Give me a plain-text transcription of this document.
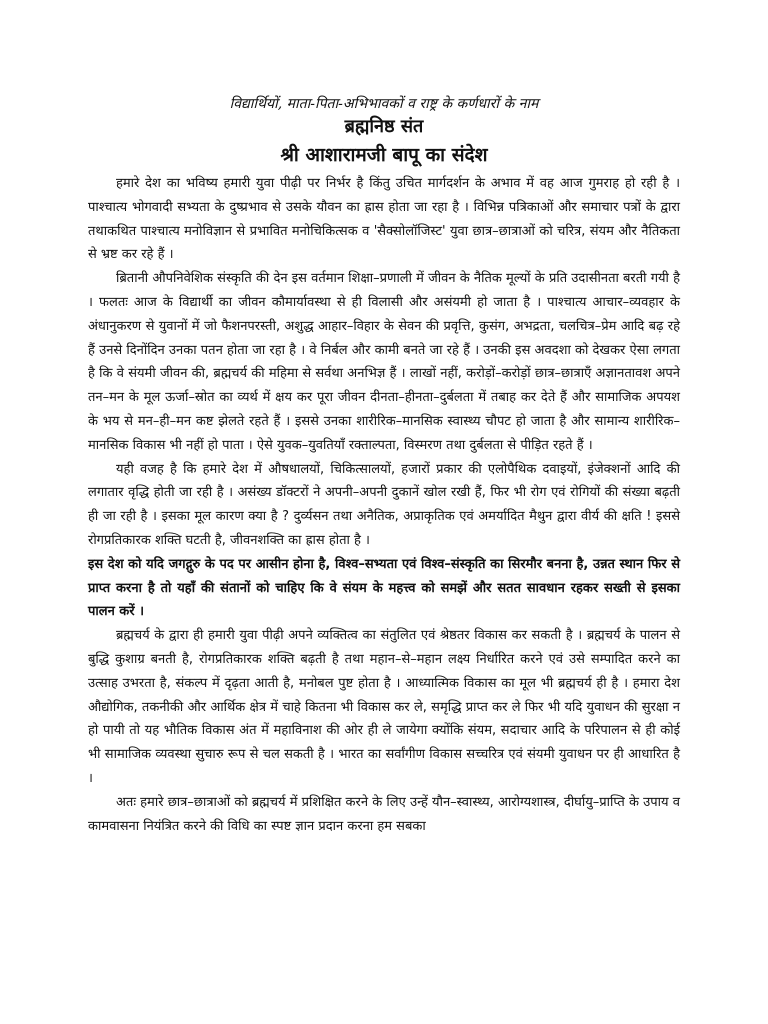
विद्यार्थियों, माता-पिता-अभिभावकों व राष्ट्र के कर्णधारों के नाम

ब्रह्मनिष्ठ संत
श्री आशारामजी बापू का संदेश

हमारे देश का भविष्य हमारी युवा पीढ़ी पर निर्भर है किंतु उचित मार्गदर्शन के अभाव में वह आज गुमराह हो रही है । पाश्चात्य भोगवादी सभ्यता के दुष्प्रभाव से उसके यौवन का ह्रास होता जा रहा है । विभिन्न पत्रिकाओं और समाचार पत्रों के द्वारा तथाकथित पाश्चात्य मनोविज्ञान से प्रभावित मनोचिकित्सक व 'सैक्सोलॉजिस्ट' युवा छात्र–छात्राओं को चरित्र, संयम और नैतिकता से भ्रष्ट कर रहे हैं ।

ब्रितानी औपनिवेशिक संस्कृति की देन इस वर्तमान शिक्षा–प्रणाली में जीवन के नैतिक मूल्यों के प्रति उदासीनता बरती गयी है । फलतः आज के विद्यार्थी का जीवन कौमार्यावस्था से ही विलासी और असंयमी हो जाता है । पाश्चात्य आचार–व्यवहार के अंधानुकरण से युवानों में जो फैशनपरस्ती, अशुद्ध आहार–विहार के सेवन की प्रवृत्ति, कुसंग, अभद्रता, चलचित्र–प्रेम आदि बढ़ रहे हैं उनसे दिनोंदिन उनका पतन होता जा रहा है । वे निर्बल और कामी बनते जा रहे हैं । उनकी इस अवदशा को देखकर ऐसा लगता है कि वे संयमी जीवन की, ब्रह्मचर्य की महिमा से सर्वथा अनभिज्ञ हैं । लाखों नहीं, करोड़ों–करोड़ों छात्र–छात्राएँ अज्ञानतावश अपने तन–मन के मूल ऊर्जा–स्रोत का व्यर्थ में क्षय कर पूरा जीवन दीनता–हीनता–दुर्बलता में तबाह कर देते हैं और सामाजिक अपयश के भय से मन–ही–मन कष्ट झेलते रहते हैं । इससे उनका शारीरिक–मानसिक स्वास्थ्य चौपट हो जाता है और सामान्य शारीरिक–मानसिक विकास भी नहीं हो पाता । ऐसे युवक–युवतियाँ रक्ताल्पता, विस्मरण तथा दुर्बलता से पीड़ित रहते हैं ।

यही वजह है कि हमारे देश में औषधालयों, चिकित्सालयों, हजारों प्रकार की एलोपैथिक दवाइयों, इंजेक्शनों आदि की लगातार वृद्धि होती जा रही है । असंख्य डॉक्टरों ने अपनी–अपनी दुकानें खोल रखी हैं, फिर भी रोग एवं रोगियों की संख्या बढ़ती ही जा रही है । इसका मूल कारण क्या है ? दुर्व्यसन तथा अनैतिक, अप्राकृतिक एवं अमर्यादित मैथुन द्वारा वीर्य की क्षति ! इससे रोगप्रतिकारक शक्ति घटती है, जीवनशक्ति का ह्रास होता है ।

इस देश को यदि जगद्गुरु के पद पर आसीन होना है, विश्व–सभ्यता एवं विश्व–संस्कृति का सिरमौर बनना है, उन्नत स्थान फिर से प्राप्त करना है तो यहाँ की संतानों को चाहिए कि वे संयम के महत्त्व को समझें और सतत सावधान रहकर सख्ती से इसका पालन करें ।

ब्रह्मचर्य के द्वारा ही हमारी युवा पीढ़ी अपने व्यक्तित्व का संतुलित एवं श्रेष्ठतर विकास कर सकती है । ब्रह्मचर्य के पालन से बुद्धि कुशाग्र बनती है, रोगप्रतिकारक शक्ति बढ़ती है तथा महान–से–महान लक्ष्य निर्धारित करने एवं उसे सम्पादित करने का उत्साह उभरता है, संकल्प में दृढ़ता आती है, मनोबल पुष्ट होता है । आध्यात्मिक विकास का मूल भी ब्रह्मचर्य ही है । हमारा देश औद्योगिक, तकनीकी और आर्थिक क्षेत्र में चाहे कितना भी विकास कर ले, समृद्धि प्राप्त कर ले फिर भी यदि युवाधन की सुरक्षा न हो पायी तो यह भौतिक विकास अंत में महाविनाश की ओर ही ले जायेगा क्योंकि संयम, सदाचार आदि के परिपालन से ही कोई भी सामाजिक व्यवस्था सुचारु रूप से चल सकती है । भारत का सर्वांगीण विकास सच्चरित्र एवं संयमी युवाधन पर ही आधारित है ।

अतः हमारे छात्र–छात्राओं को ब्रह्मचर्य में प्रशिक्षित करने के लिए उन्हें यौन–स्वास्थ्य, आरोग्यशास्त्र, दीर्घायु–प्राप्ति के उपाय व कामवासना नियंत्रित करने की विधि का स्पष्ट ज्ञान प्रदान करना हम सबका
